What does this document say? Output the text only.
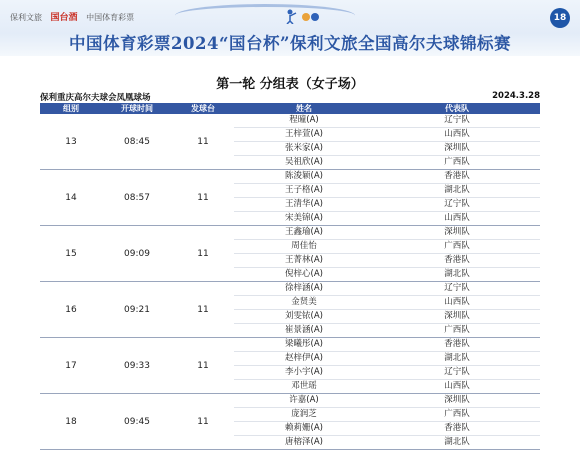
保利文旅 国台酒 中国体育彩票	18
中国体育彩票2024“国台杯”保利文旅全国高尔夫球锦标赛
第一轮 分组表（女子场）
保利重庆高尔夫球会凤凰球场	2024.3.28
组别	开球时间	发球台	姓名	代表队
13	08:45	11
程曈(A)	辽宁队
王梓萱(A)	山西队
张米家(A)	深圳队
吴祖欣(A)	广西队
14	08:57	11
陈浚颖(A)	香港队
王子格(A)	湖北队
王清华(A)	辽宁队
宋美锦(A)	山西队
15	09:09	11
王鑫瑜(A)	深圳队
周佳怡	广西队
王菁林(A)	香港队
倪梓心(A)	湖北队
16	09:21	11
徐梓涵(A)	辽宁队
金贤美	山西队
刘雯铱(A)	深圳队
崔景涵(A)	广西队
17	09:33	11
梁曦彤(A)	香港队
赵梓伊(A)	湖北队
李小宇(A)	辽宁队
邓世瑶	山西队
18	09:45	11
许嘉(A)	深圳队
庞润芝	广西队
赖莉姗(A)	香港队
唐榕泽(A)	湖北队
